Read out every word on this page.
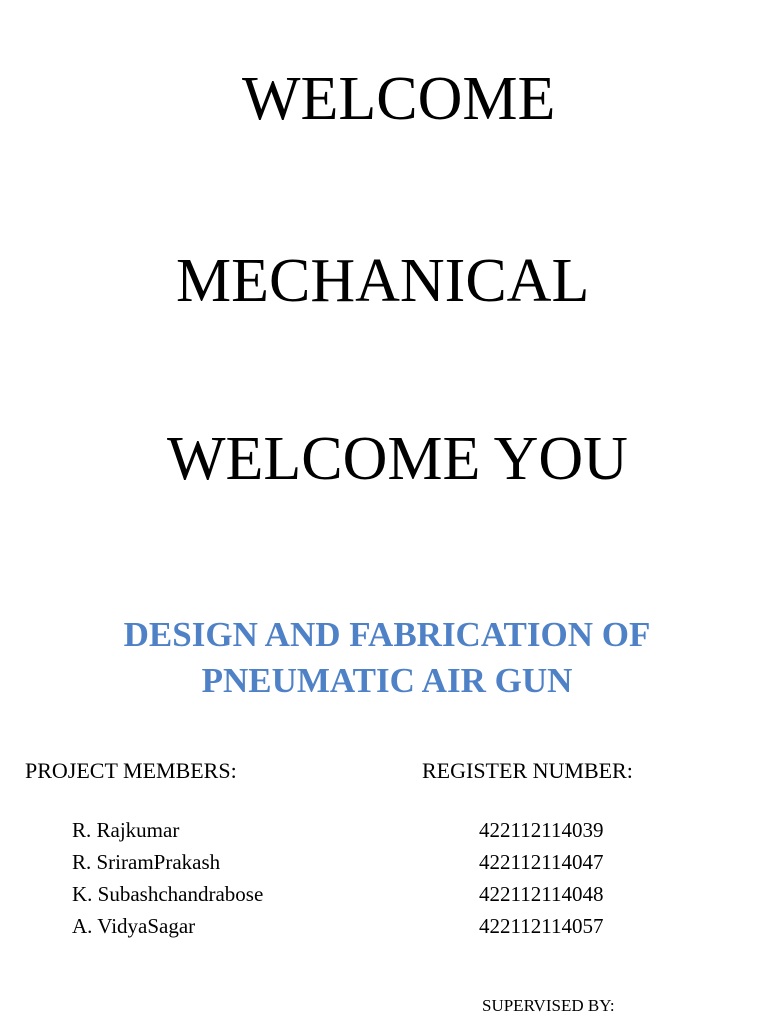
WELCOME
MECHANICAL
WELCOME YOU
DESIGN AND FABRICATION OF
PNEUMATIC AIR GUN

PROJECT MEMBERS:	REGISTER NUMBER:

R. Rajkumar	422112114039
R. SriramPrakash	422112114047
K. Subashchandrabose	422112114048
A. VidyaSagar	422112114057

SUPERVISED BY:
